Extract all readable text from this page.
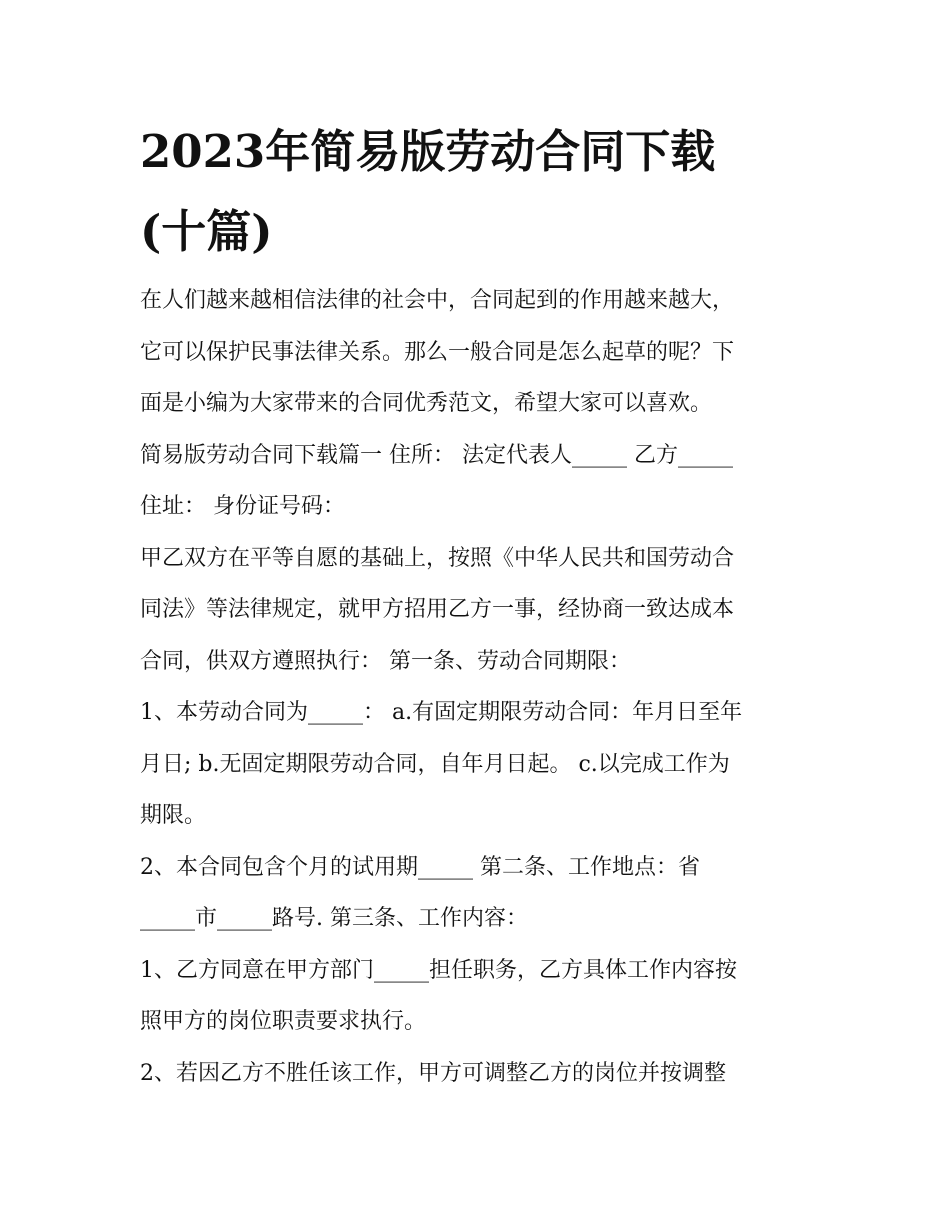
2023年简易版劳动合同下载
(十篇)

在人们越来越相信法律的社会中，合同起到的作用越来越大，
它可以保护民事法律关系。那么一般合同是怎么起草的呢？下
面是小编为大家带来的合同优秀范文，希望大家可以喜欢。

简易版劳动合同下载篇一 住所： 法定代表人_____ 乙方_____
住址： 身份证号码：

甲乙双方在平等自愿的基础上，按照《中华人民共和国劳动合
同法》等法律规定，就甲方招用乙方一事，经协商一致达成本
合同，供双方遵照执行： 第一条、劳动合同期限：

1、本劳动合同为_____： a.有固定期限劳动合同：年月日至年
月日; b.无固定期限劳动合同，自年月日起。 c.以完成工作为
期限。

2、本合同包含个月的试用期_____ 第二条、工作地点：省
_____市_____路号. 第三条、工作内容：

1、乙方同意在甲方部门_____担任职务，乙方具体工作内容按
照甲方的岗位职责要求执行。

2、若因乙方不胜任该工作，甲方可调整乙方的岗位并按调整
